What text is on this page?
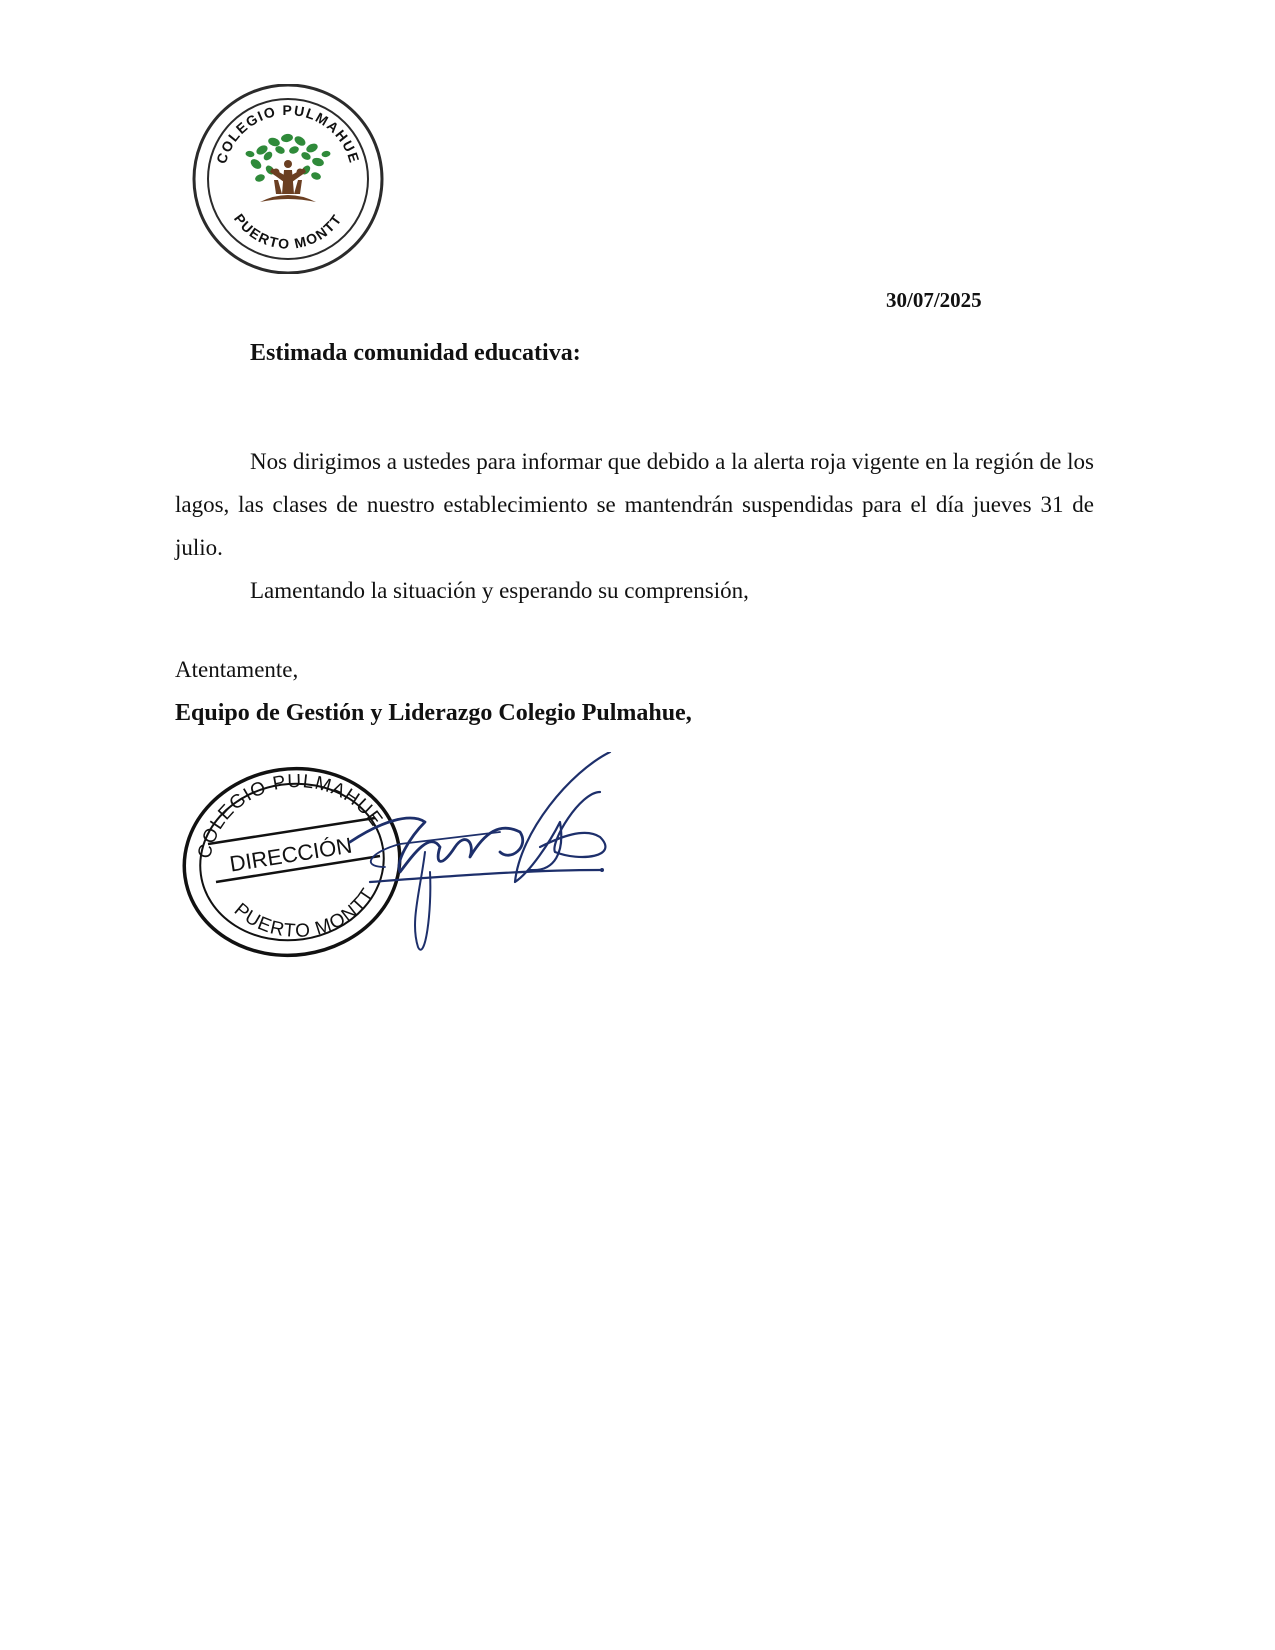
COLEGIO PULMAHUE
PUERTO MONTT
30/07/2025
Estimada comunidad educativa:

Nos dirigimos a ustedes para informar que debido a la alerta roja vigente en la región de los lagos, las clases de nuestro establecimiento se mantendrán suspendidas para el día jueves 31 de julio.

Lamentando la situación y esperando su comprensión,

Atentamente,
Equipo de Gestión y Liderazgo Colegio Pulmahue,
COLEGIO PULMAHUE
DIRECCIÓN
PUERTO MONTT
